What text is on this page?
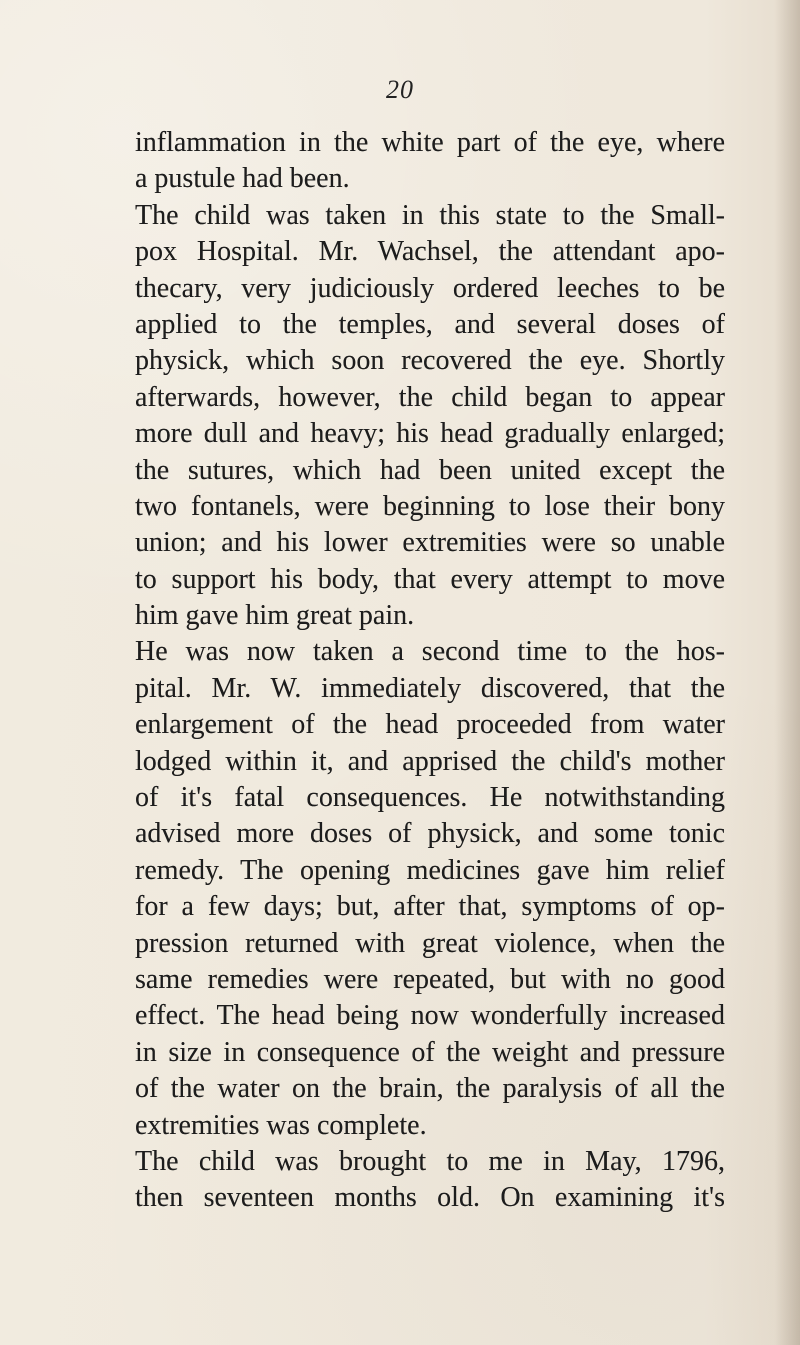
20
inflammation in the white part of the eye, where
a pustule had been.
The child was taken in this state to the Small-
pox Hospital. Mr. Wachsel, the attendant apo-
thecary, very judiciously ordered leeches to be
applied to the temples, and several doses of
physick, which soon recovered the eye. Shortly
afterwards, however, the child began to appear
more dull and heavy; his head gradually enlarged;
the sutures, which had been united except the
two fontanels, were beginning to lose their bony
union; and his lower extremities were so unable
to support his body, that every attempt to move
him gave him great pain.
He was now taken a second time to the hos-
pital. Mr. W. immediately discovered, that the
enlargement of the head proceeded from water
lodged within it, and apprised the child's mother
of it's fatal consequences. He notwithstanding
advised more doses of physick, and some tonic
remedy. The opening medicines gave him relief
for a few days; but, after that, symptoms of op-
pression returned with great violence, when the
same remedies were repeated, but with no good
effect. The head being now wonderfully increased
in size in consequence of the weight and pressure
of the water on the brain, the paralysis of all the
extremities was complete.
The child was brought to me in May, 1796,
then seventeen months old. On examining it's
